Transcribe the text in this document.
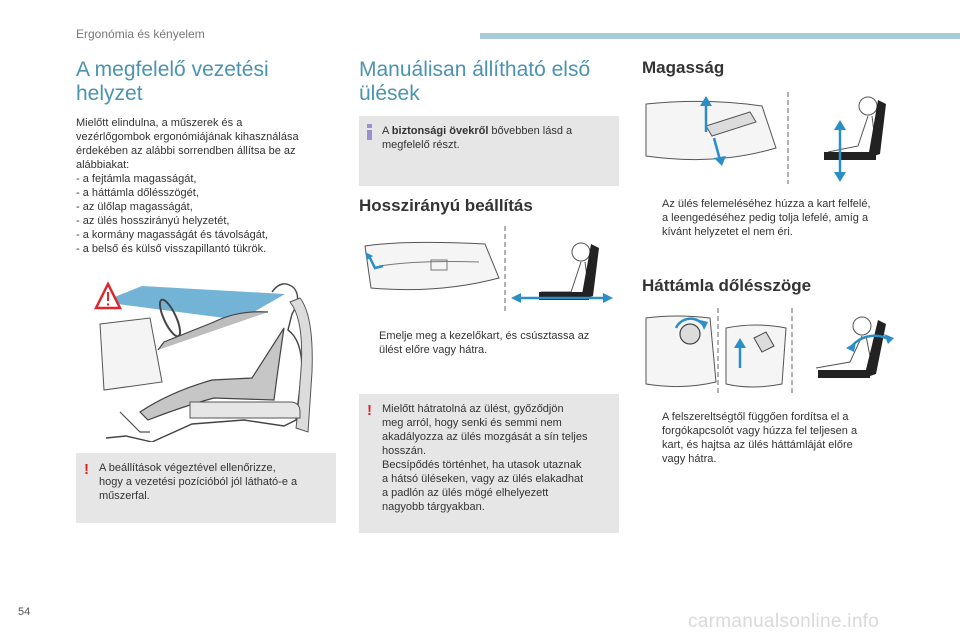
Ergonómia és kényelem
A megfelelő vezetési
helyzet
Mielőtt elindulna, a műszerek és a
vezérlőgombok ergonómiájának kihasználása
érdekében az alábbi sorrendben állítsa be az
alábbiakat:
- a fejtámla magasságát,
- a háttámla dőlésszögét,
- az ülőlap magasságát,
- az ülés hosszirányú helyzetét,
- a kormány magasságát és távolságát,
- a belső és külső visszapillantó tükrök.
! A beállítások végeztével ellenőrizze,
hogy a vezetési pozícióból jól látható-e a
műszerfal.
Manuálisan állítható első
ülések
A biztonsági övekről bővebben lásd a
megfelelő részt.
Hosszirányú beállítás
Emelje meg a kezelőkart, és csúsztassa az
ülést előre vagy hátra.
! Mielőtt hátratolná az ülést, győződjön
meg arról, hogy senki és semmi nem
akadályozza az ülés mozgását a sín teljes
hosszán.
Becsípődés történhet, ha utasok utaznak
a hátsó üléseken, vagy az ülés elakadhat
a padlón az ülés mögé elhelyezett
nagyobb tárgyakban.
Magasság
Az ülés felemeléséhez húzza a kart felfelé,
a leengedéséhez pedig tolja lefelé, amíg a
kívánt helyzetet el nem éri.
Háttámla dőlésszöge
A felszereltségtől függően fordítsa el a
forgókapcsolót vagy húzza fel teljesen a
kart, és hajtsa az ülés háttámláját előre
vagy hátra.
54	carmanualsonline.info
